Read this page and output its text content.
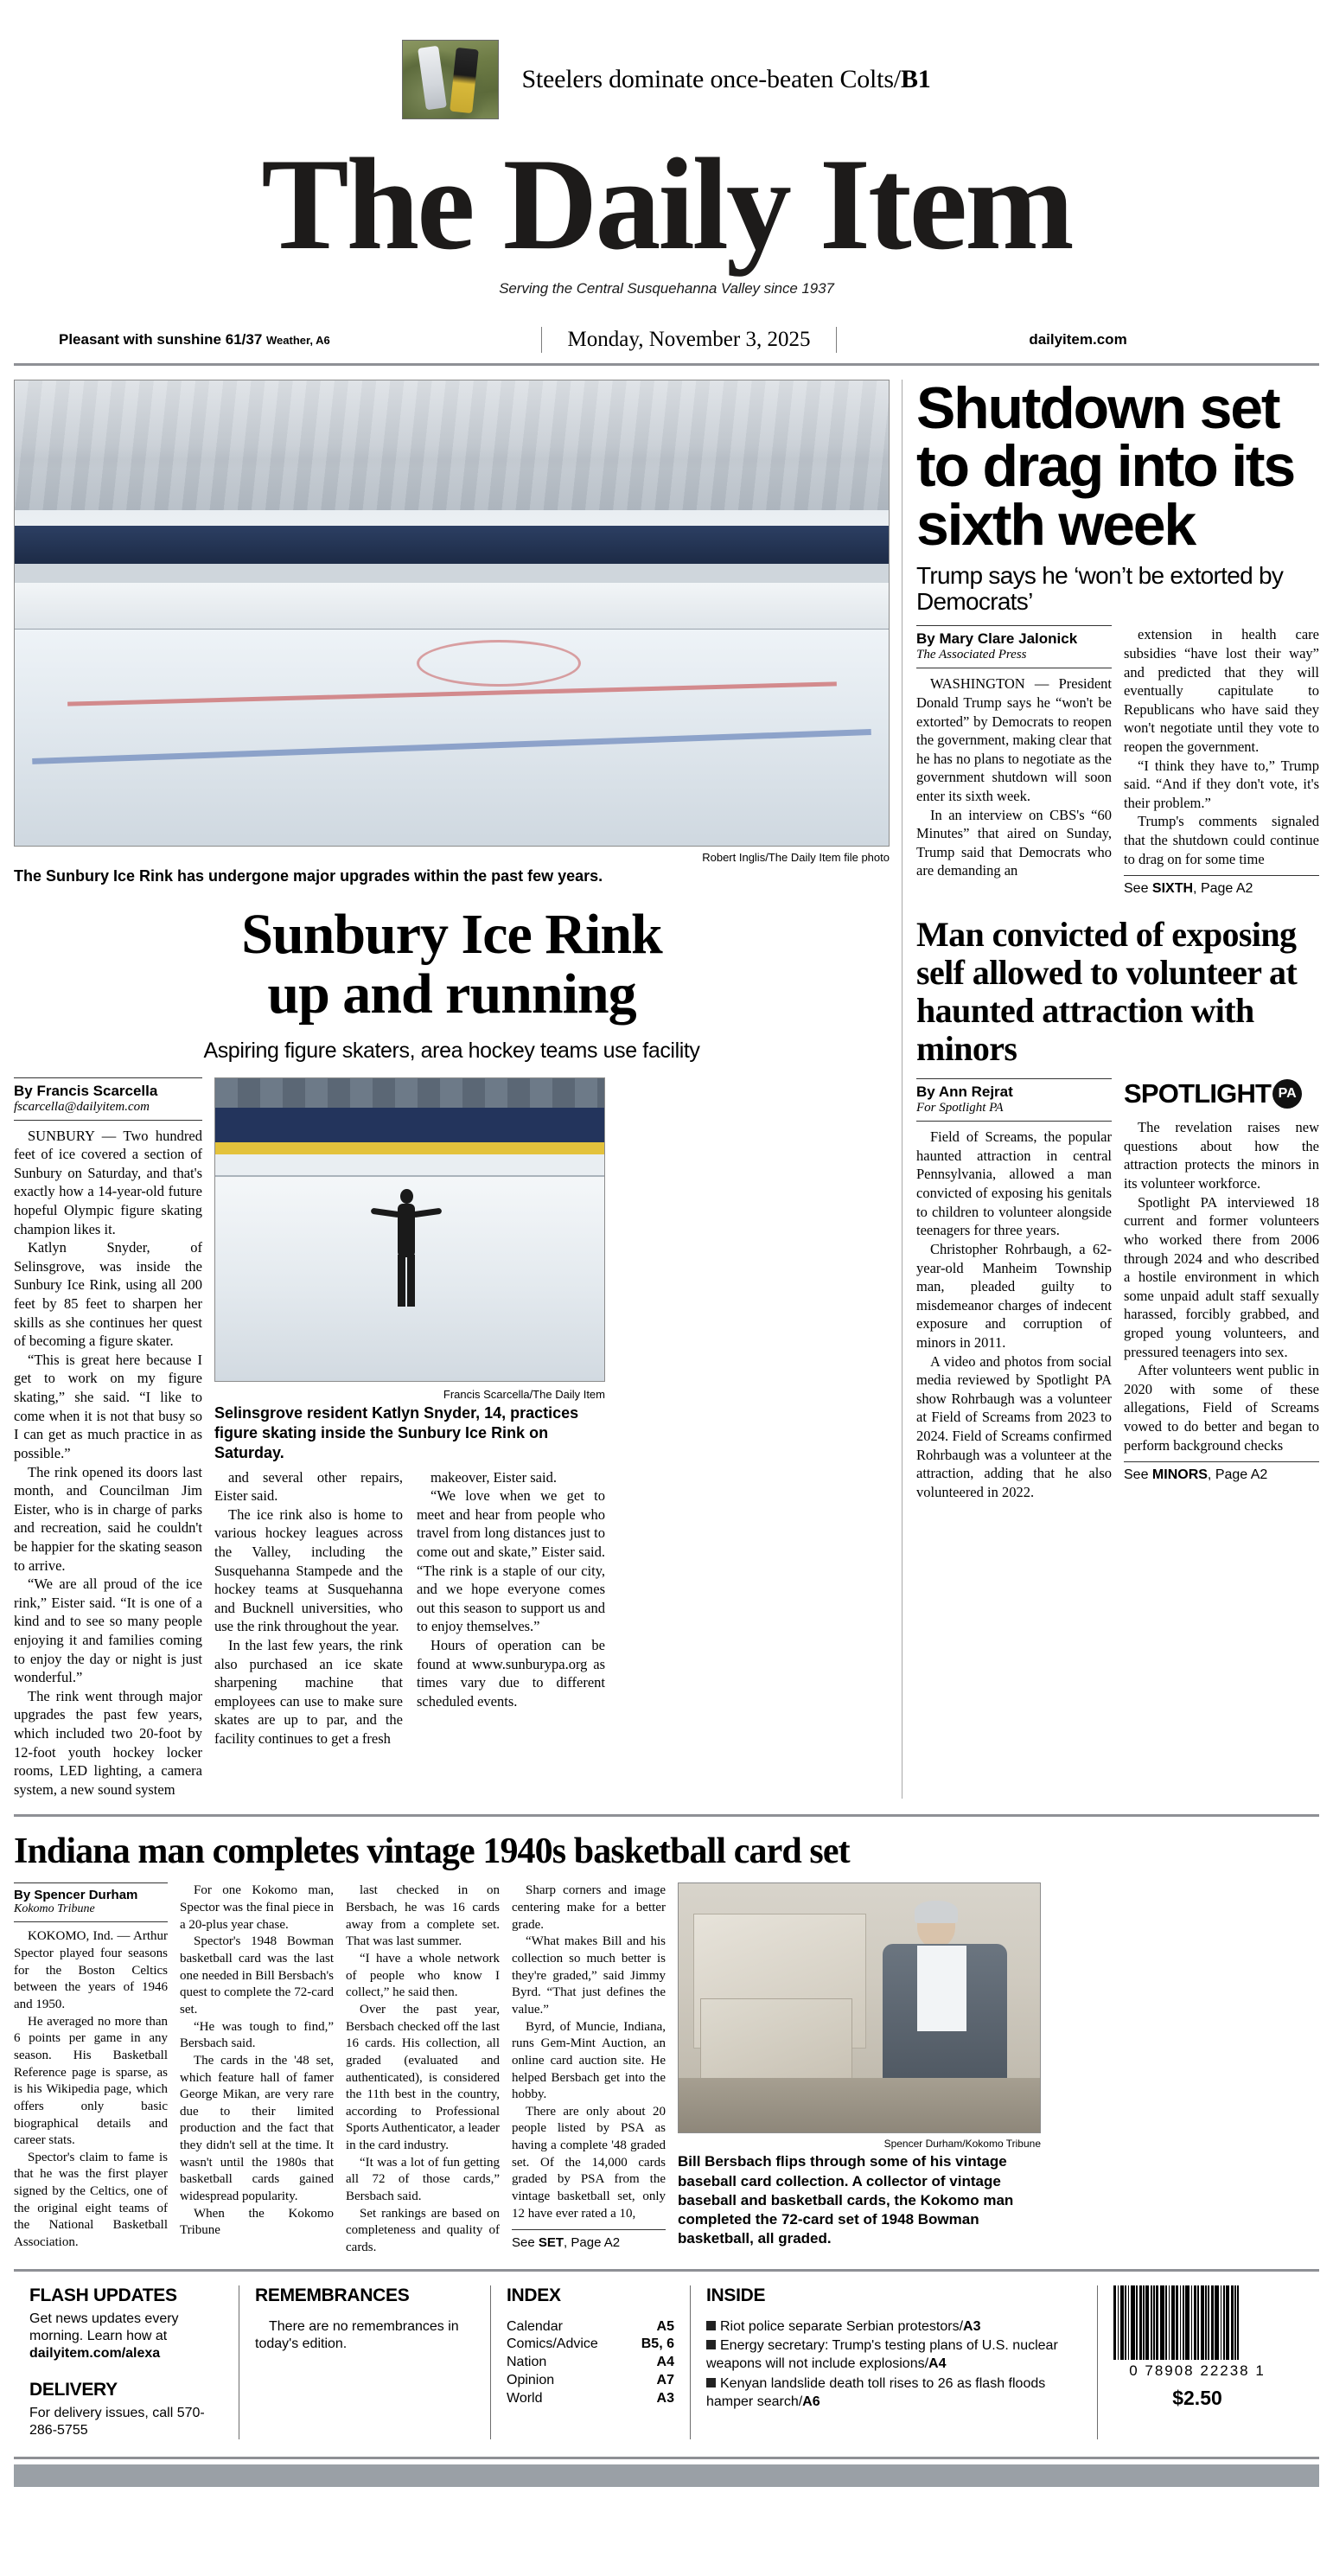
Steelers dominate once-beaten Colts/B1
The Daily Item
Serving the Central Susquehanna Valley since 1937
Pleasant with sunshine 61/37 Weather, A6	Monday, November 3, 2025	dailyitem.com
Robert Inglis/The Daily Item file photo
The Sunbury Ice Rink has undergone major upgrades within the past few years.
Sunbury Ice Rink
up and running
Aspiring figure skaters, area hockey teams use facility
By Francis Scarcella
fscarcella@dailyitem.com

SUNBURY — Two hundred feet of ice covered a section of Sunbury on Saturday, and that's exactly how a 14-year-old future hopeful Olympic figure skating champion likes it.

Katlyn Snyder, of Selinsgrove, was inside the Sunbury Ice Rink, using all 200 feet by 85 feet to sharpen her skills as she continues her quest of becoming a figure skater.

“This is great here because I get to work on my figure skating,” she said. “I like to come when it is not that busy so I can get as much practice in as possible.”

The rink opened its doors last month, and Councilman Jim Eister, who is in charge of parks and recreation, said he couldn't be happier for the skating season to arrive.

“We are all proud of the ice rink,” Eister said. “It is one of a kind and to see so many people enjoying it and families coming to enjoy the day or night is just wonderful.”

The rink went through major upgrades the past few years, which included two 20-foot by 12-foot youth hockey locker rooms, LED lighting, a camera system, a new sound system

Francis Scarcella/The Daily Item
Selinsgrove resident Katlyn Snyder, 14, practices figure skating inside the Sunbury Ice Rink on Saturday.

and several other repairs, Eister said.

The ice rink also is home to various hockey leagues across the Valley, including the Susquehanna Stampede and the hockey teams at Susquehanna and Bucknell universities, who use the rink throughout the year.

In the last few years, the rink also purchased an ice skate sharpening machine that employees can use to make sure skates are up to par, and the facility continues to get a fresh

makeover, Eister said.

“We love when we get to meet and hear from people who travel from long distances just to come out and skate,” Eister said. “The rink is a staple of our city, and we hope everyone comes out this season to support us and to enjoy themselves.”

Hours of operation can be found at www.sunburypa.org as times vary due to different scheduled events.

Shutdown set to drag into its sixth week
Trump says he ‘won’t be extorted by Democrats’
By Mary Clare Jalonick
The Associated Press

WASHINGTON — President Donald Trump says he “won't be extorted” by Democrats to reopen the government, making clear that he has no plans to negotiate as the government shutdown will soon enter its sixth week.

In an interview on CBS's “60 Minutes” that aired on Sunday, Trump said that Democrats who are demanding an

extension in health care subsidies “have lost their way” and predicted that they will eventually capitulate to Republicans who have said they won't negotiate until they vote to reopen the government.

“I think they have to,” Trump said. “And if they don't vote, it's their problem.”

Trump's comments signaled that the shutdown could continue to drag on for some time

See SIXTH, Page A2
Man convicted of exposing self allowed to volunteer at haunted attraction with minors
By Ann Rejrat
For Spotlight PA

Field of Screams, the popular haunted attraction in central Pennsylvania, allowed a man convicted of exposing his genitals to children to volunteer alongside teenagers for three years.

Christopher Rohrbaugh, a 62-year-old Manheim Township man, pleaded guilty to misdemeanor charges of indecent exposure and corruption of minors in 2011.

A video and photos from social media reviewed by Spotlight PA show Rohrbaugh was a volunteer at Field of Screams from 2023 to 2024. Field of Screams confirmed Rohrbaugh was a volunteer at the attraction, adding that he also volunteered in 2022.

SPOTLIGHT PA

The revelation raises new questions about how the attraction protects the minors in its volunteer workforce.

Spotlight PA interviewed 18 current and former volunteers who worked there from 2006 through 2024 and who described a hostile environment in which some unpaid adult staff sexually harassed, forcibly grabbed, and groped young volunteers, and pressured teenagers into sex.

After volunteers went public in 2020 with some of these allegations, Field of Screams vowed to do better and began to perform background checks

See MINORS, Page A2
Indiana man completes vintage 1940s basketball card set
By Spencer Durham
Kokomo Tribune

KOKOMO, Ind. — Arthur Spector played four seasons for the Boston Celtics between the years of 1946 and 1950.

He averaged no more than 6 points per game in any season. His Basketball Reference page is sparse, as is his Wikipedia page, which offers only basic biographical details and career stats.

Spector's claim to fame is that he was the first player signed by the Celtics, one of the original eight teams of the National Basketball Association.

For one Kokomo man, Spector was the final piece in a 20-plus year chase.

Spector's 1948 Bowman basketball card was the last one needed in Bill Bersbach's quest to complete the 72-card set.

“He was tough to find,” Bersbach said.

The cards in the '48 set, which feature hall of famer George Mikan, are very rare due to their limited production and the fact that they didn't sell at the time. It wasn't until the 1980s that basketball cards gained widespread popularity.

When the Kokomo Tribune

last checked in on Bersbach, he was 16 cards away from a complete set. That was last summer.

“I have a whole network of people who know I collect,” he said then.

Over the past year, Bersbach checked off the last 16 cards. His collection, all graded (evaluated and authenticated), is considered the 11th best in the country, according to Professional Sports Authenticator, a leader in the card industry.

“It was a lot of fun getting all 72 of those cards,” Bersbach said.

Set rankings are based on completeness and quality of cards.

Sharp corners and image centering make for a better grade.

“What makes Bill and his collection so much better is they're graded,” said Jimmy Byrd. “That just defines the value.”

Byrd, of Muncie, Indiana, runs Gem-Mint Auction, an online card auction site. He helped Bersbach get into the hobby.

There are only about 20 people listed by PSA as having a complete '48 graded set. Of the 14,000 cards graded by PSA from the vintage basketball set, only 12 have ever rated a 10,

See SET, Page A2
Spencer Durham/Kokomo Tribune
Bill Bersbach flips through some of his vintage baseball card collection. A collector of vintage baseball and basketball cards, the Kokomo man completed the 72-card set of 1948 Bowman basketball, all graded.
FLASH UPDATES
Get news updates every morning. Learn how at dailyitem.com/alexa
DELIVERY
For delivery issues, call 570-286-5755
REMEMBRANCES
There are no remembrances in today's edition.
INDEX
Calendar	A5
Comics/Advice	B5, 6
Nation	A4
Opinion	A7
World	A3
INSIDE
Riot police separate Serbian protestors/A3
Energy secretary: Trump's testing plans of U.S. nuclear weapons will not include explosions/A4
Kenyan landslide death toll rises to 26 as flash floods hamper search/A6
0 78908 22238 1
$2.50
